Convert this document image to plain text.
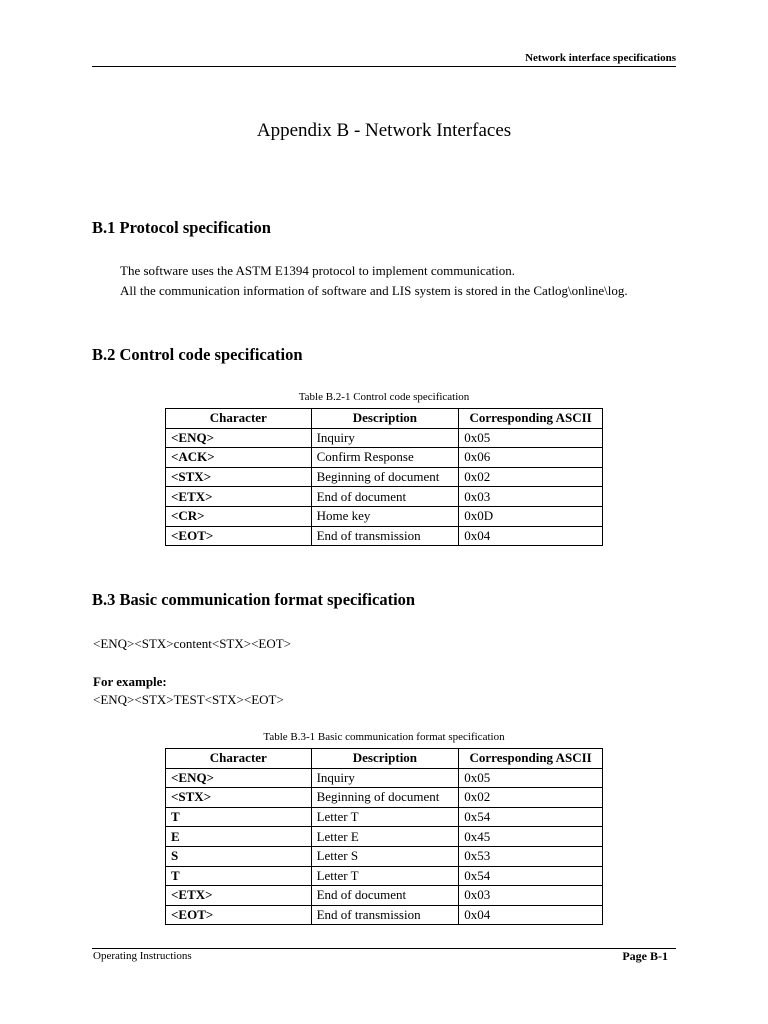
Network interface specifications
Appendix B - Network Interfaces
B.1 Protocol specification
The software uses the ASTM E1394 protocol to implement communication.
All the communication information of software and LIS system is stored in the Catlog\online\log.
B.2 Control code specification
Table B.2-1 Control code specification
Character	Description	Corresponding ASCII
<ENQ>	Inquiry	0x05
<ACK>	Confirm Response	0x06
<STX>	Beginning of document	0x02
<ETX>	End of document	0x03
<CR>	Home key	0x0D
<EOT>	End of transmission	0x04
B.3 Basic communication format specification
<ENQ><STX>content<STX><EOT>
For example:
<ENQ><STX>TEST<STX><EOT>
Table B.3-1 Basic communication format specification
Character	Description	Corresponding ASCII
<ENQ>	Inquiry	0x05
<STX>	Beginning of document	0x02
T	Letter T	0x54
E	Letter E	0x45
S	Letter S	0x53
T	Letter T	0x54
<ETX>	End of document	0x03
<EOT>	End of transmission	0x04
Operating Instructions	Page B-1
